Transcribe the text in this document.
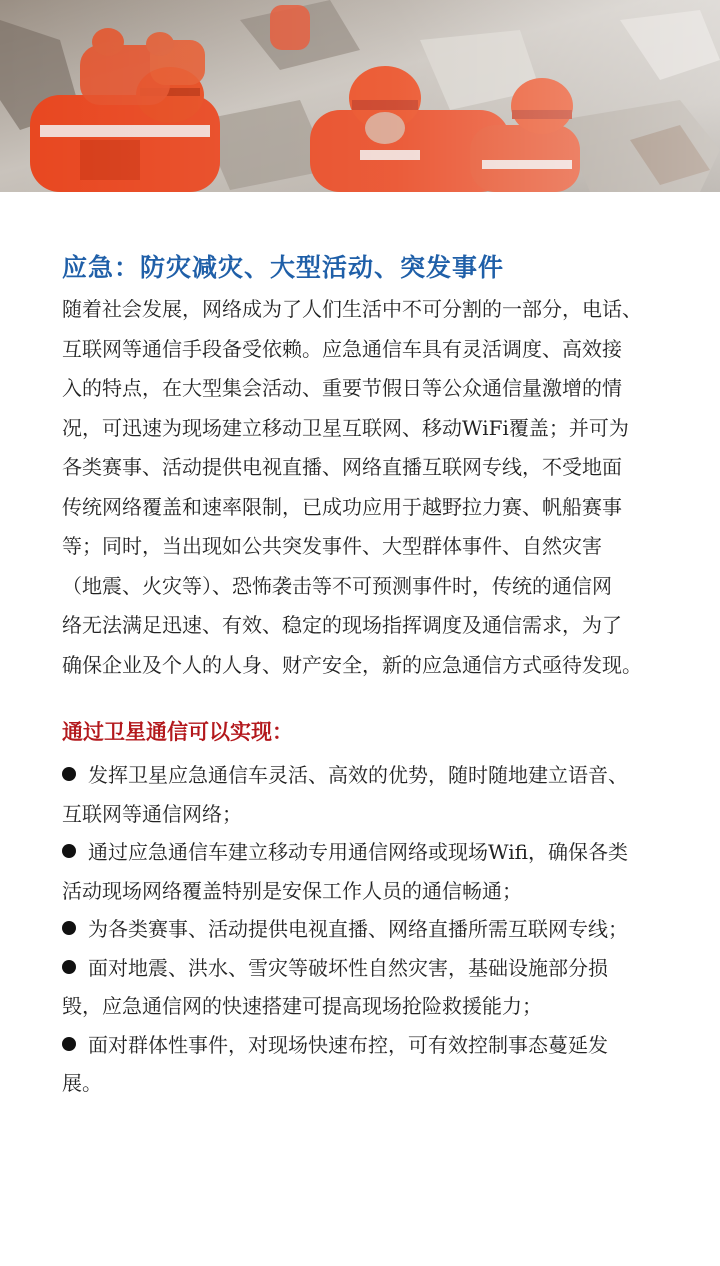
应急：防灾减灾、大型活动、突发事件

随着社会发展，网络成为了人们生活中不可分割的一部分，电话、
互联网等通信手段备受依赖。应急通信车具有灵活调度、高效接
入的特点，在大型集会活动、重要节假日等公众通信量激增的情
况，可迅速为现场建立移动卫星互联网、移动WiFi覆盖；并可为
各类赛事、活动提供电视直播、网络直播互联网专线，不受地面
传统网络覆盖和速率限制，已成功应用于越野拉力赛、帆船赛事
等；同时，当出现如公共突发事件、大型群体事件、自然灾害
（地震、火灾等）、恐怖袭击等不可预测事件时，传统的通信网
络无法满足迅速、有效、稳定的现场指挥调度及通信需求，为了
确保企业及个人的人身、财产安全，新的应急通信方式亟待发现。

通过卫星通信可以实现：
发挥卫星应急通信车灵活、高效的优势，随时随地建立语音、
互联网等通信网络；
通过应急通信车建立移动专用通信网络或现场Wifi，确保各类
活动现场网络覆盖特别是安保工作人员的通信畅通；
为各类赛事、活动提供电视直播、网络直播所需互联网专线；
面对地震、洪水、雪灾等破坏性自然灾害，基础设施部分损
毁，应急通信网的快速搭建可提高现场抢险救援能力；
面对群体性事件，对现场快速布控，可有效控制事态蔓延发
展。
